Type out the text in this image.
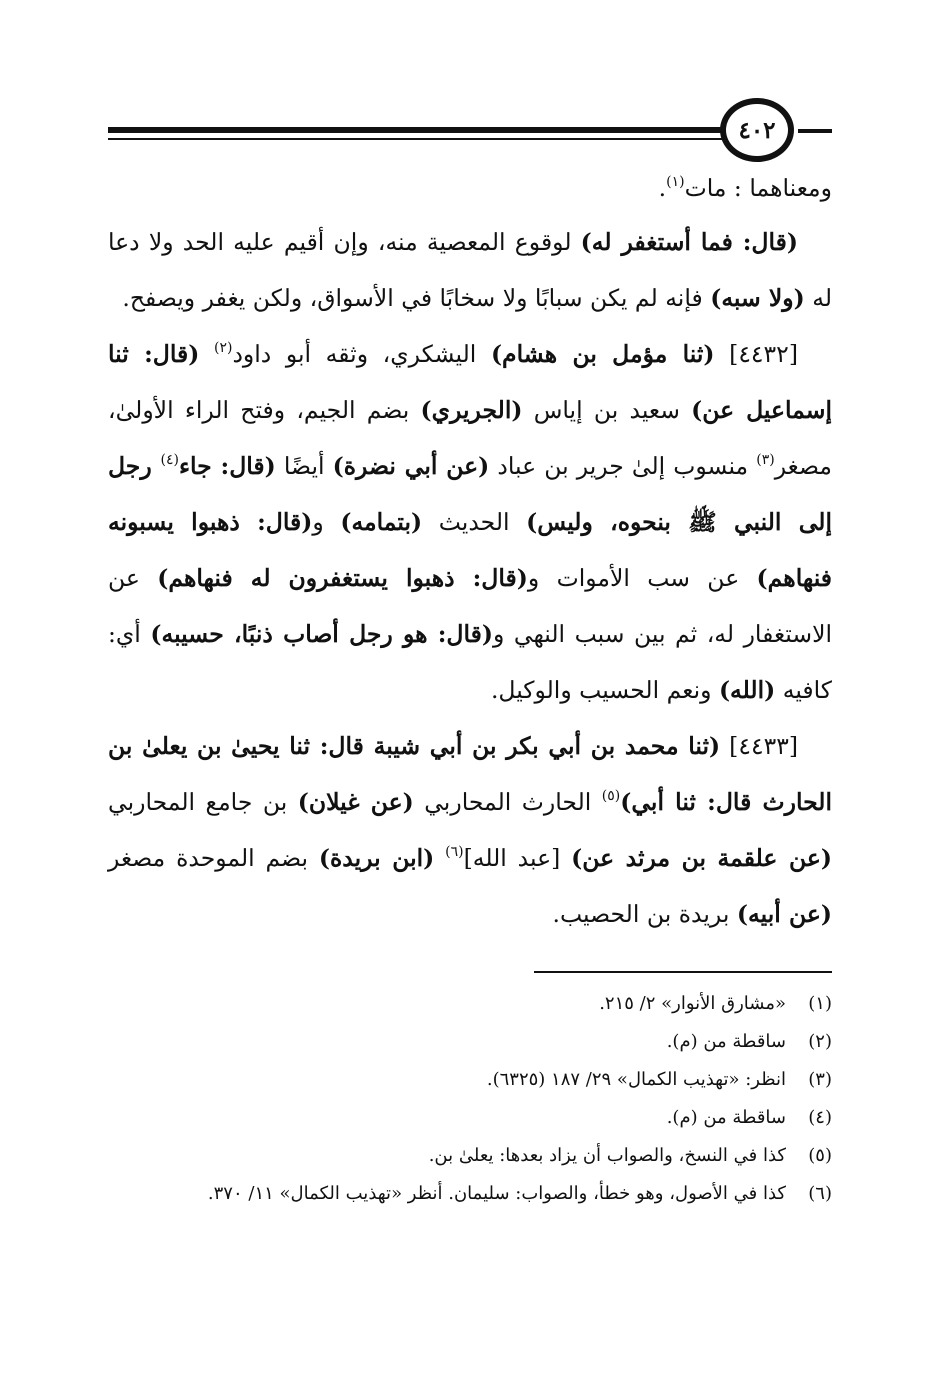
٤٠٢

ومعناهما : مات$^{(١)}$.

(قال: فما أستغفر له) لوقوع المعصية منه، وإن أقيم عليه الحد ولا دعا له (ولا سبه) فإنه لم يكن سبابًا ولا سخابًا في الأسواق، ولكن يغفر ويصفح.

[٤٤٣٢] (ثنا مؤمل بن هشام) اليشكري، وثقه أبو داود$^{(٢)}$ (قال: ثنا إسماعيل عن) سعيد بن إياس (الجريري) بضم الجيم، وفتح الراء الأولىٰ، مصغر$^{(٣)}$ منسوب إلىٰ جرير بن عباد (عن أبي نضرة) أيضًا (قال: جاء$^{(٤)}$ رجل إلى النبي ﷺ بنحوه، وليس) الحديث (بتمامه) و(قال: ذهبوا يسبونه فنهاهم) عن سب الأموات و(قال: ذهبوا يستغفرون له فنهاهم) عن الاستغفار له، ثم بين سبب النهي و(قال: هو رجل أصاب ذنبًا، حسيبه) أي: كافيه (الله) ونعم الحسيب والوكيل.

[٤٤٣٣] (ثنا محمد بن أبي بكر بن أبي شيبة قال: ثنا يحيىٰ بن يعلىٰ بن الحارث قال: ثنا أبي)$^{(٥)}$ الحارث المحاربي (عن غيلان) بن جامع المحاربي (عن علقمة بن مرثد عن) [عبد الله]$^{(٦)}$ (ابن بريدة) بضم الموحدة مصغر (عن أبيه) بريدة بن الحصيب.

(١)
«مشارق الأنوار» ٢/ ٢١٥.
(٢)
ساقطة من (م).
(٣)
انظر: «تهذيب الكمال» ٢٩/ ١٨٧ (٦٣٢٥).
(٤)
ساقطة من (م).
(٥)
كذا في النسخ، والصواب أن يزاد بعدها: يعلىٰ بن.
(٦)
كذا في الأصول، وهو خطأ، والصواب: سليمان. أنظر «تهذيب الكمال» ١١/ ٣٧٠.
